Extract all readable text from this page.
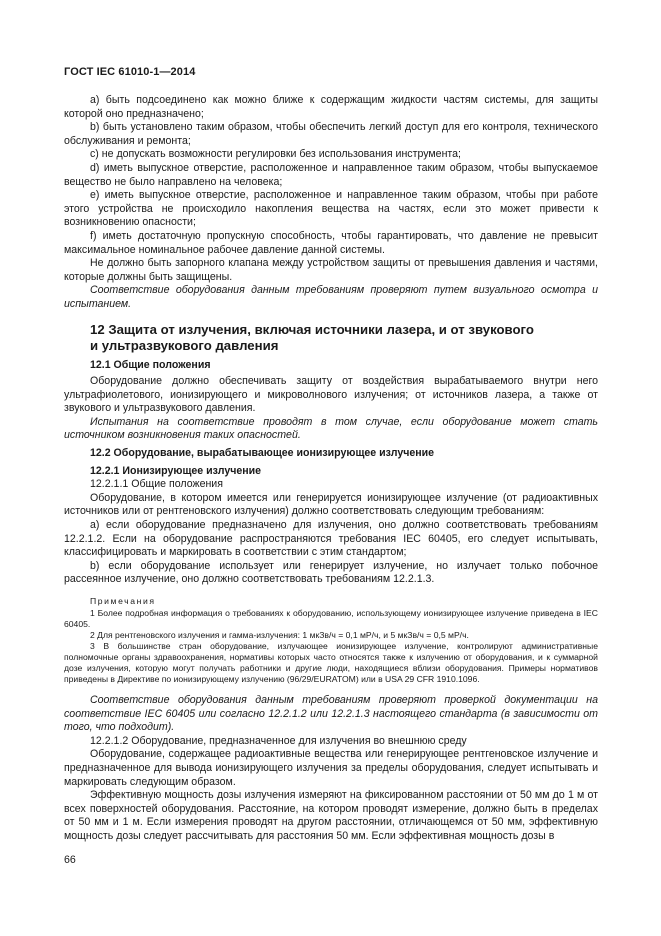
ГОСТ IEC 61010-1—2014

a) быть подсоединено как можно ближе к содержащим жидкости частям системы, для защиты которой оно предназначено;

b) быть установлено таким образом, чтобы обеспечить легкий доступ для его контроля, технического обслуживания и ремонта;

c) не допускать возможности регулировки без использования инструмента;

d) иметь выпускное отверстие, расположенное и направленное таким образом, чтобы выпускаемое вещество не было направлено на человека;

e) иметь выпускное отверстие, расположенное и направленное таким образом, чтобы при работе этого устройства не происходило накопления вещества на частях, если это может привести к возникновению опасности;

f) иметь достаточную пропускную способность, чтобы гарантировать, что давление не превысит максимальное номинальное рабочее давление данной системы.

Не должно быть запорного клапана между устройством защиты от превышения давления и частями, которые должны быть защищены.

Соответствие оборудования данным требованиям проверяют путем визуального осмотра и испытанием.

12 Защита от излучения, включая источники лазера, и от звукового
и ультразвукового давления

12.1 Общие положения

Оборудование должно обеспечивать защиту от воздействия вырабатываемого внутри него ультрафиолетового, ионизирующего и микроволнового излучения; от источников лазера, а также от звукового и ультразвукового давления.

Испытания на соответствие проводят в том случае, если оборудование может стать источником возникновения таких опасностей.

12.2 Оборудование, вырабатывающее ионизирующее излучение

12.2.1 Ионизирующее излучение

12.2.1.1 Общие положения

Оборудование, в котором имеется или генерируется ионизирующее излучение (от радиоактивных источников или от рентгеновского излучения) должно соответствовать следующим требованиям:

a) если оборудование предназначено для излучения, оно должно соответствовать требованиям 12.2.1.2. Если на оборудование распространяются требования IEC 60405, его следует испытывать, классифицировать и маркировать в соответствии с этим стандартом;

b) если оборудование использует или генерирует излучение, но излучает только побочное рассеянное излучение, оно должно соответствовать требованиям 12.2.1.3.

Примечания

1 Более подробная информация о требованиях к оборудованию, использующему ионизирующее излучение приведена в IEC 60405.

2 Для рентгеновского излучения и гамма-излучения: 1 мкЗв/ч = 0,1 мР/ч, и 5 мкЗв/ч = 0,5 мР/ч.

3 В большинстве стран оборудование, излучающее ионизирующее излучение, контролируют административные полномочные органы здравоохранения, нормативы которых часто относятся также к излучению от оборудования, и к суммарной дозе излучения, которую могут получать работники и другие люди, находящиеся вблизи оборудования. Примеры нормативов приведены в Директиве по ионизирующему излучению (96/29/EURATOM) или в USA 29 CFR 1910.1096.

Соответствие оборудования данным требованиям проверяют проверкой документации на соответствие IEC 60405 или согласно 12.2.1.2 или 12.2.1.3 настоящего стандарта (в зависимости от того, что подходит).

12.2.1.2 Оборудование, предназначенное для излучения во внешнюю среду

Оборудование, содержащее радиоактивные вещества или генерирующее рентгеновское излучение и предназначенное для вывода ионизирующего излучения за пределы оборудования, следует испытывать и маркировать следующим образом.

Эффективную мощность дозы излучения измеряют на фиксированном расстоянии от 50 мм до 1 м от всех поверхностей оборудования. Расстояние, на котором проводят измерение, должно быть в пределах от 50 мм и 1 м. Если измерения проводят на другом расстоянии, отличающемся от 50 мм, эффективную мощность дозы следует рассчитывать для расстояния 50 мм. Если эффективная мощность дозы в

66
